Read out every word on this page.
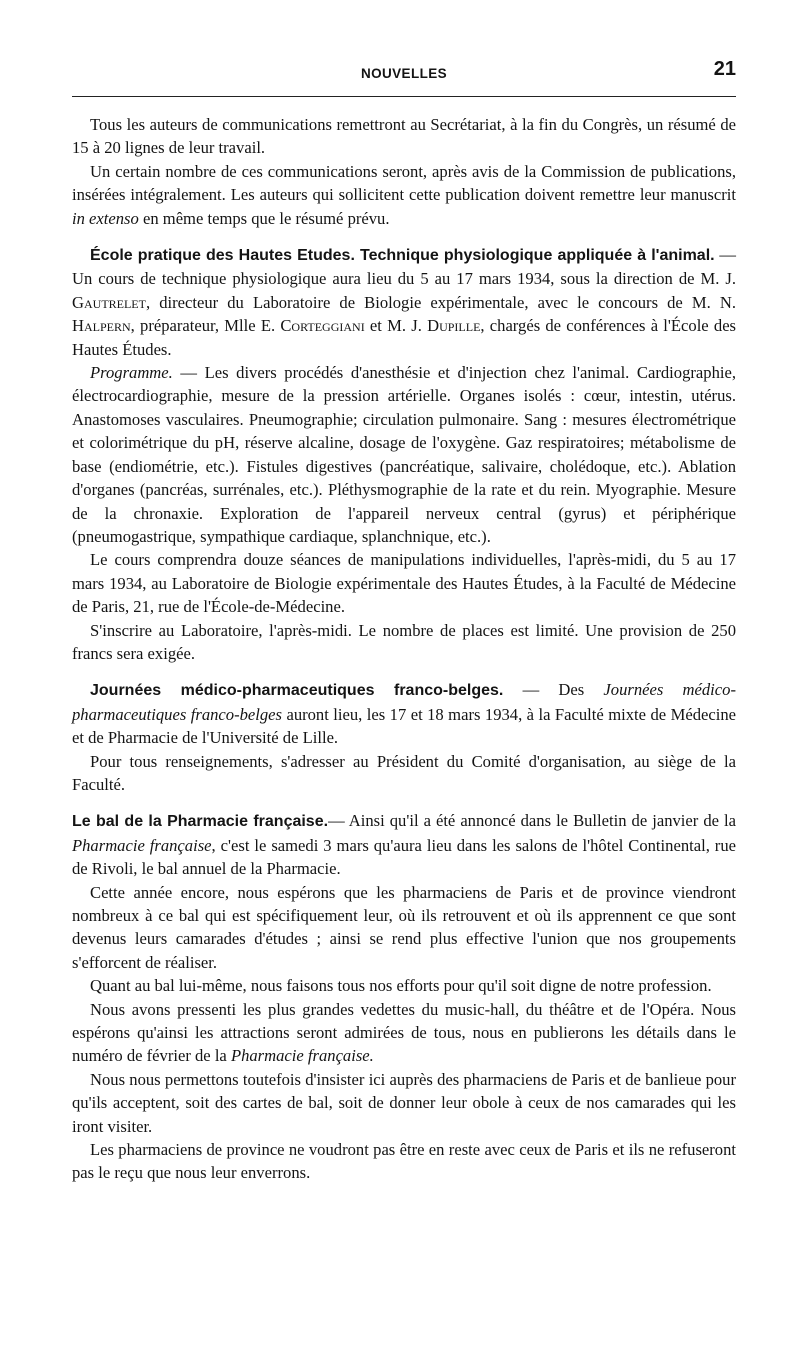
NOUVELLES	21

Tous les auteurs de communications remettront au Secrétariat, à la fin du Congrès, un résumé de 15 à 20 lignes de leur travail.

Un certain nombre de ces communications seront, après avis de la Commission de publications, insérées intégralement. Les auteurs qui sollicitent cette publication doivent remettre leur manuscrit in extenso en même temps que le résumé prévu.

École pratique des Hautes Etudes. Technique physiologique appliquée à l'animal. — Un cours de technique physiologique aura lieu du 5 au 17 mars 1934, sous la direction de M. J. Gautrelet, directeur du Laboratoire de Biologie expérimentale, avec le concours de M. N. Halpern, préparateur, Mlle E. Corteggiani et M. J. Dupille, chargés de conférences à l'École des Hautes Études.

Programme. — Les divers procédés d'anesthésie et d'injection chez l'animal. Cardiographie, électrocardiographie, mesure de la pression artérielle. Organes isolés : cœur, intestin, utérus. Anastomoses vasculaires. Pneumographie; circulation pulmonaire. Sang : mesures électrométrique et colorimétrique du pH, réserve alcaline, dosage de l'oxygène. Gaz respiratoires; métabolisme de base (endiométrie, etc.). Fistules digestives (pancréatique, salivaire, cholédoque, etc.). Ablation d'organes (pancréas, surrénales, etc.). Pléthysmographie de la rate et du rein. Myographie. Mesure de la chronaxie. Exploration de l'appareil nerveux central (gyrus) et périphérique (pneumogastrique, sympathique cardiaque, splanchnique, etc.).

Le cours comprendra douze séances de manipulations individuelles, l'après-midi, du 5 au 17 mars 1934, au Laboratoire de Biologie expérimentale des Hautes Études, à la Faculté de Médecine de Paris, 21, rue de l'École-de-Médecine.

S'inscrire au Laboratoire, l'après-midi. Le nombre de places est limité. Une provision de 250 francs sera exigée.

Journées médico-pharmaceutiques franco-belges. — Des Journées médico-pharmaceutiques franco-belges auront lieu, les 17 et 18 mars 1934, à la Faculté mixte de Médecine et de Pharmacie de l'Université de Lille.

Pour tous renseignements, s'adresser au Président du Comité d'organisation, au siège de la Faculté.

Le bal de la Pharmacie française.— Ainsi qu'il a été annoncé dans le Bulletin de janvier de la Pharmacie française, c'est le samedi 3 mars qu'aura lieu dans les salons de l'hôtel Continental, rue de Rivoli, le bal annuel de la Pharmacie.

Cette année encore, nous espérons que les pharmaciens de Paris et de province viendront nombreux à ce bal qui est spécifiquement leur, où ils retrouvent et où ils apprennent ce que sont devenus leurs camarades d'études ; ainsi se rend plus effective l'union que nos groupements s'efforcent de réaliser.

Quant au bal lui-même, nous faisons tous nos efforts pour qu'il soit digne de notre profession.

Nous avons pressenti les plus grandes vedettes du music-hall, du théâtre et de l'Opéra. Nous espérons qu'ainsi les attractions seront admirées de tous, nous en publierons les détails dans le numéro de février de la Pharmacie française.

Nous nous permettons toutefois d'insister ici auprès des pharmaciens de Paris et de banlieue pour qu'ils acceptent, soit des cartes de bal, soit de donner leur obole à ceux de nos camarades qui les iront visiter.

Les pharmaciens de province ne voudront pas être en reste avec ceux de Paris et ils ne refuseront pas le reçu que nous leur enverrons.
